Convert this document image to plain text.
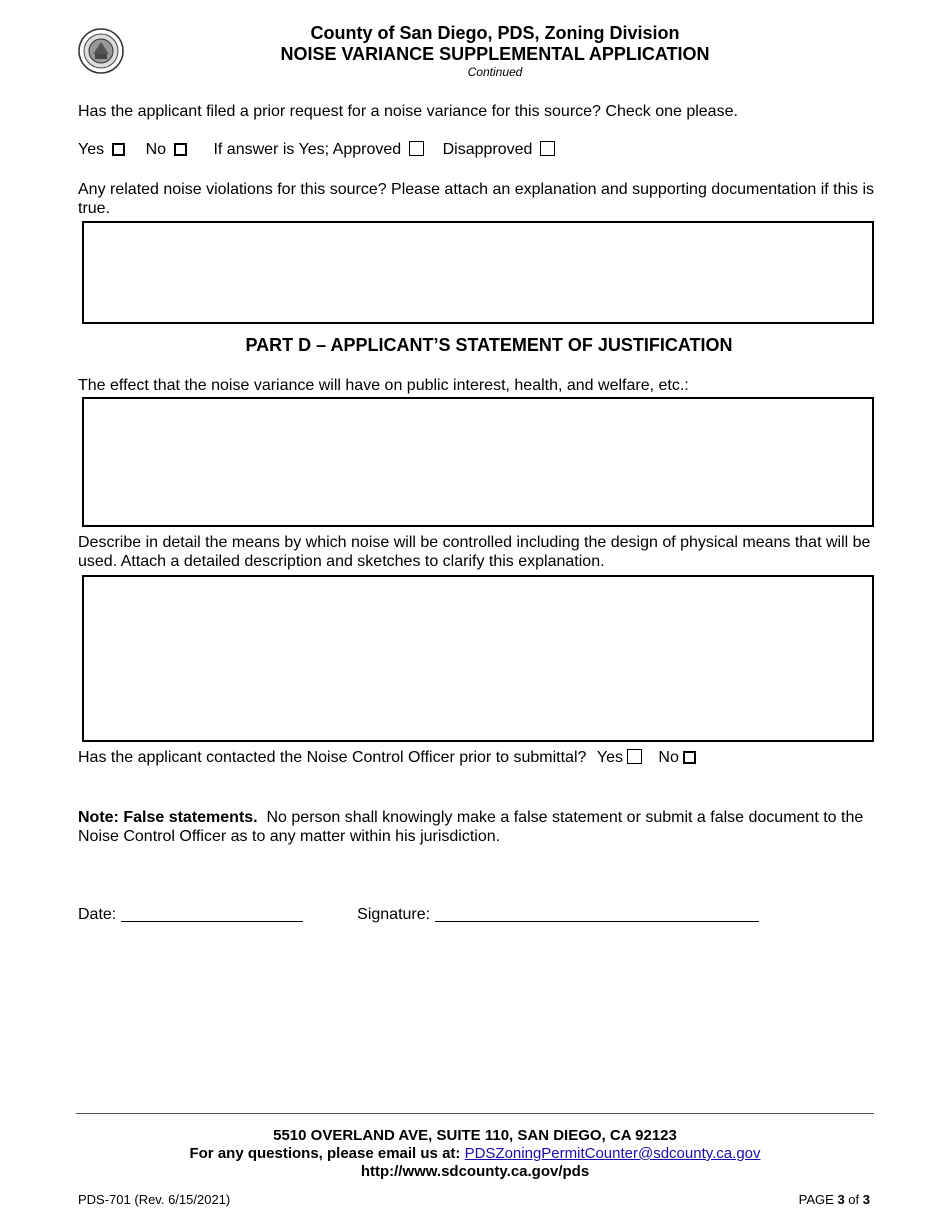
County of San Diego, PDS, Zoning Division
NOISE VARIANCE SUPPLEMENTAL APPLICATION
Continued
Has the applicant filed a prior request for a noise variance for this source? Check one please.
Yes	No	If answer is Yes; Approved	Disapproved
Any related noise violations for this source? Please attach an explanation and supporting documentation if this is true.
PART D – APPLICANT’S STATEMENT OF JUSTIFICATION
The effect that the noise variance will have on public interest, health, and welfare, etc.:
Describe in detail the means by which noise will be controlled including the design of physical means that will be used. Attach a detailed description and sketches to clarify this explanation.
Has the applicant contacted the Noise Control Officer prior to submittal? Yes No
Note: False statements. No person shall knowingly make a false statement or submit a false document to the Noise Control Officer as to any matter within his jurisdiction.
Date:	Signature:
5510 OVERLAND AVE, SUITE 110, SAN DIEGO, CA 92123
For any questions, please email us at: PDSZoningPermitCounter@sdcounty.ca.gov
http://www.sdcounty.ca.gov/pds
PDS-701 (Rev. 6/15/2021)	PAGE 3 of 3
